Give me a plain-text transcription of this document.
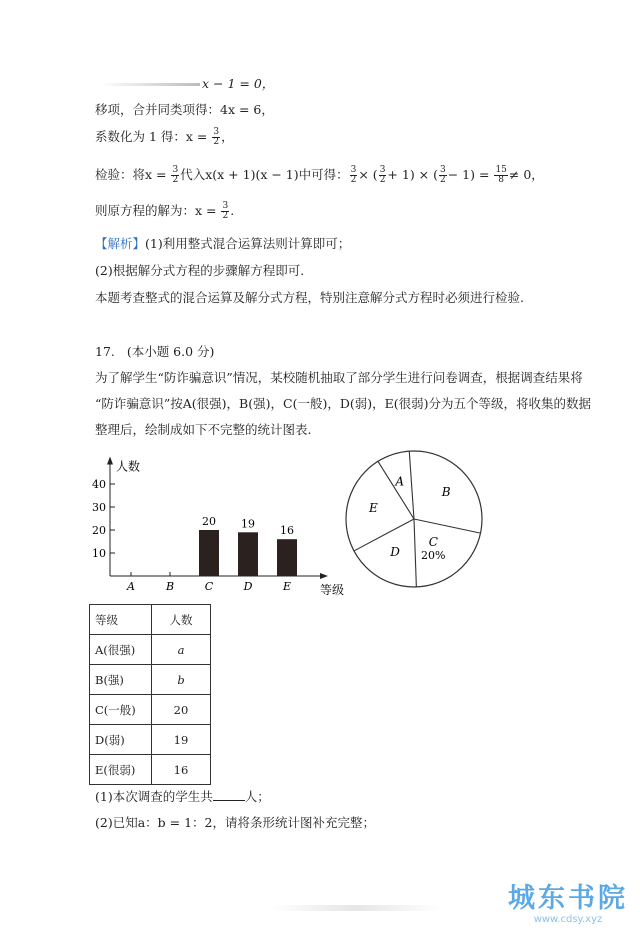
x − 1 = 0，
移项，合并同类项得：4x = 6，
系数化为 1 得：$x = \frac{3}{2}$ ，
检验：将$x = \frac{3}{2}$ 代入x(x + 1)(x − 1)中可得： $\frac{3}{2}$ × ( $\frac{3}{2} + 1$) × ( $\frac{3}{2} - 1) = \frac{15}{8} \ne 0$，
则原方程的解为：$x = \frac{3}{2}$ .
【解析】(1)利用整式混合运算法则计算即可；
(2)根据解分式方程的步骤解方程即可.
本题考查整式的混合运算及解分式方程，特别注意解分式方程时必须进行检验.
17. (本小题 6.0 分)
为了解学生“防诈骗意识”情况，某校随机抽取了部分学生进行问卷调查，根据调查结果将
“防诈骗意识”按A(很强)，B(强)，C(一般)，D(弱)，E(很弱)分为五个等级，将收集的数据
整理后，绘制成如下不完整的统计图表.
人数
等级
10
20
30
40
A	B	C
20
D
19
E
16
A
B
C
20%
D
E
等级	人数
A(很强)	a
B(强)	b
C(一般)	20
D(弱)	19
E(很弱)	16
(1)本次调查的学生共	人；
(2)已知a：b = 1：2，请将条形统计图补充完整；
城东书院
www.cdsy.xyz
